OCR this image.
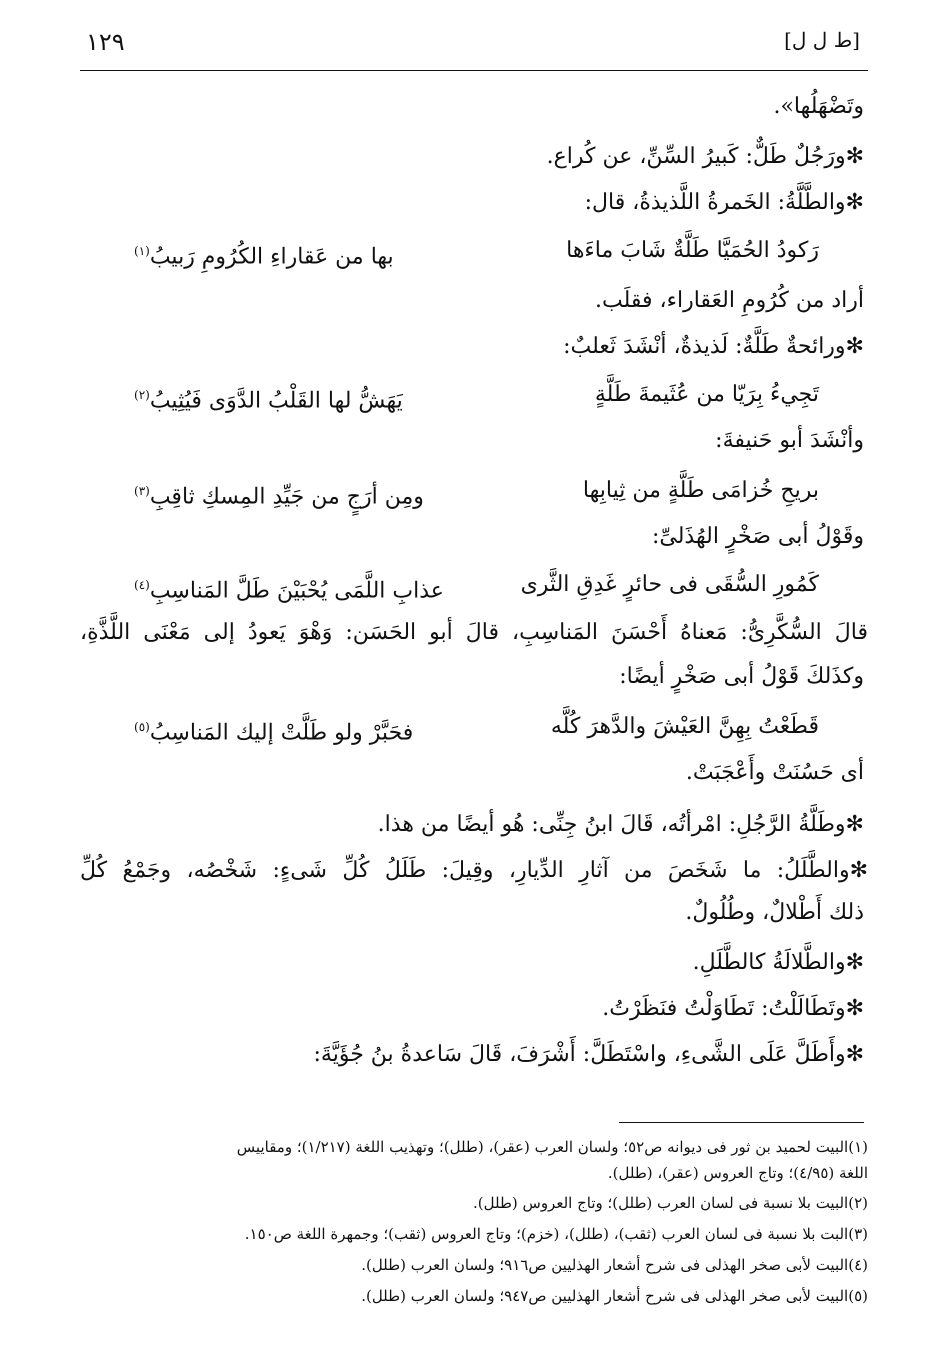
[ط ل ل]
١٢٩
وتَضْهَلُها».
✻ورَجُلٌ طَلٌّ: كَبيرُ السِّنِّ، عن كُراع.
✻والطَّلَّةُ: الخَمرةُ اللَّذيذةُ، قال:
رَكودُ الحُمَيَّا طَلَّةٌ شَابَ ماءَها
بها من عَقاراءِ الكُرُومِ رَبيبُ$^{(١)}$
أراد من كُرُومِ العَقاراء، فقلَب.
✻ورائحةٌ طَلَّةٌ: لَذيذةٌ، أنْشَدَ ثَعلبٌ:
تَجِيءُ بِرَيّا من عُثَيمةَ طَلَّةٍ
يَهَشُّ لها القَلْبُ الدَّوَى فَيُثِيبُ$^{(٢)}$
وأنْشَدَ أبو حَنيفةَ:
بريحِ خُزامَى طَلَّةٍ من ثِيابِها
ومِن أرَجٍ من جَيِّدِ المِسكِ ثاقِبِ$^{(٣)}$
وقَوْلُ أبى صَخْرٍ الهُذَلىِّ:
كَمُورِ السُّقَى فى حائرٍ غَدِقِ الثَّرى
عذابِ اللَّمَى يُحْبَيْنَ طَلَّ المَناسِبِ$^{(٤)}$
قالَ السُّكَّرِىُّ: مَعناهُ أَحْسَنَ المَناسِبِ، قالَ أبو الحَسَن: وَهْوَ يَعودُ إلى مَعْنَى اللَّذَّةِ،
وكذَلكَ قَوْلُ أبى صَخْرٍ أيضًا:
قَطَعْتُ بِهِنَّ العَيْشَ والدَّهرَ كُلَّه
فحَبَّرْ ولو طَلَّتْ إليك المَناسِبُ$^{(٥)}$
أى حَسُنَتْ وأَعْجَبَتْ.
✻وطَلَّةُ الرَّجُلِ: امْرأتُه، قَالَ ابنُ جِنِّى: هُو أيضًا من هذا.
✻والطَّلَلُ: ما شَخَصَ من آثارِ الدِّيارِ، وقِيلَ: طَلَلُ كُلِّ شَىءٍ: شَخْصُه، وجَمْعُ كُلِّ
ذلك أَطْلالٌ، وطُلُولٌ.
✻والطَّلالَةُ كالطَّلَلِ.
✻وتَطَالَلْتُ: تَطَاوَلْتُ فنَظَرْتُ.
✻وأَطَلَّ عَلَى الشَّىءِ، واسْتَطَلَّ: أَشْرَفَ، قَالَ سَاعدةُ بنُ جُؤَيَّةَ:
(١)البيت لحميد بن ثور فى ديوانه ص٥٢؛ ولسان العرب (عقر)، (طلل)؛ وتهذيب اللغة (١/٢١٧)؛ ومقاييس
اللغة (٤/٩٥)؛ وتاج العروس (عقر)، (طلل).
(٢)البيت بلا نسبة فى لسان العرب (طلل)؛ وتاج العروس (طلل).
(٣)البت بلا نسبة فى لسان العرب (ثقب)، (طلل)، (خزم)؛ وتاج العروس (ثقب)؛ وجمهرة اللغة ص١٥٠.
(٤)البيت لأبى صخر الهذلى فى شرح أشعار الهذليين ص٩١٦؛ ولسان العرب (طلل).
(٥)البيت لأبى صخر الهذلى فى شرح أشعار الهذليين ص٩٤٧؛ ولسان العرب (طلل).
